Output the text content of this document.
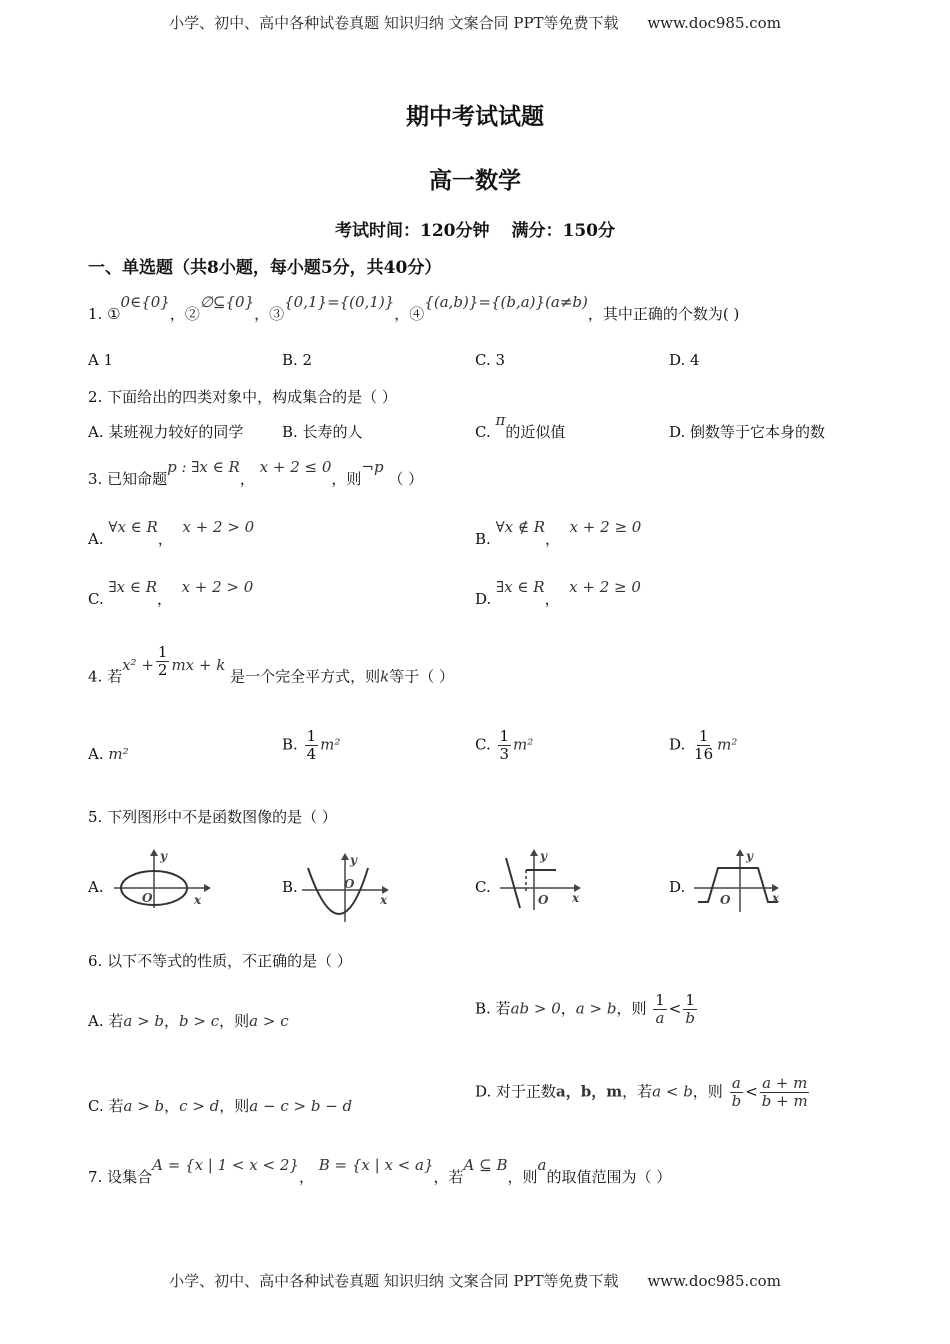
小学、初中、高中各种试卷真题 知识归纳 文案合同 PPT等免费下载 www.doc985.com
期中考试试题
高一数学
考试时间：120分钟 满分：150分
一、单选题（共8小题，每小题5分，共40分）
1. ①0∈{0}，②∅⊆{0}，③{0,1}={(0,1)}，④{(a,b)}={(b,a)}(a≠b)，其中正确的个数为( )
A 1	B. 2	C. 3	D. 4
2. 下面给出的四类对象中，构成集合的是（ ）
A. 某班视力较好的同学	B. 长寿的人	C. π的近似值	D. 倒数等于它本身的数
3. 已知命题p : ∃x ∈ R， x + 2 ≤ 0，则¬p （ ）
A. ∀x ∈ R，  x + 2 > 0
B. ∀x ∉ R，  x + 2 ≥ 0
C. ∃x ∈ R，  x + 2 > 0
D. ∃x ∈ R，  x + 2 ≥ 0
4. 若$x^2 + \frac{1}{2}$ mx + k 是一个完全平方式，则k等于（ ）
A. m²
B. $\frac{1}{4} m^2$	C. $\frac{1}{3} m^2$	D. $\frac{1}{16} m^2$
5. 下列图形中不是函数图像的是（ ）
A.
y
O	x
B.
y
O
x
C.
y
O x
D.
y
O	x
6. 以下不等式的性质，不正确的是（ ）
A. 若a > b，b > c，则a > c
B. 若ab > 0，a > b，则 $\frac{1}{a} < \frac{1}{b}$
C. 若a > b，c > d，则a − c > b − d
D. 对于正数a，b，m，若a < b，则 $\frac{a}{b} < \frac{a + m}{b + m}$
7. 设集合A = {x | 1 < x < 2}， B = {x | x < a}，若A ⊆ B，则a的取值范围为（ ）
小学、初中、高中各种试卷真题 知识归纳 文案合同 PPT等免费下载 www.doc985.com
